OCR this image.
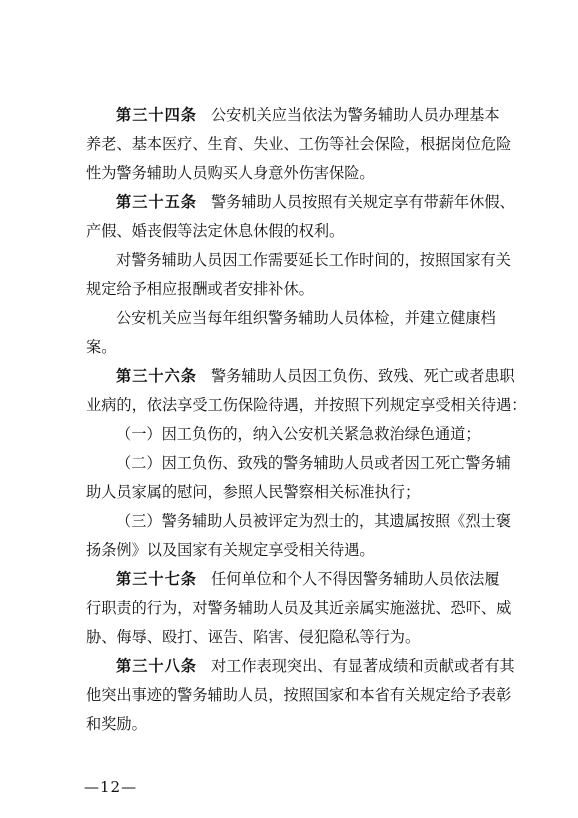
第三十四条 公安机关应当依法为警务辅助人员办理基本
养老、基本医疗、生育、失业、工伤等社会保险，根据岗位危险
性为警务辅助人员购买人身意外伤害保险。
第三十五条 警务辅助人员按照有关规定享有带薪年休假、
产假、婚丧假等法定休息休假的权利。
对警务辅助人员因工作需要延长工作时间的，按照国家有关
规定给予相应报酬或者安排补休。
公安机关应当每年组织警务辅助人员体检，并建立健康档
案。
第三十六条 警务辅助人员因工负伤、致残、死亡或者患职
业病的，依法享受工伤保险待遇，并按照下列规定享受相关待遇：
（一）因工负伤的，纳入公安机关紧急救治绿色通道；
（二）因工负伤、致残的警务辅助人员或者因工死亡警务辅
助人员家属的慰问，参照人民警察相关标准执行；
（三）警务辅助人员被评定为烈士的，其遗属按照《烈士褒
扬条例》以及国家有关规定享受相关待遇。
第三十七条 任何单位和个人不得因警务辅助人员依法履
行职责的行为，对警务辅助人员及其近亲属实施滋扰、恐吓、威
胁、侮辱、殴打、诬告、陷害、侵犯隐私等行为。
第三十八条 对工作表现突出、有显著成绩和贡献或者有其
他突出事迹的警务辅助人员，按照国家和本省有关规定给予表彰
和奖励。
—12—
